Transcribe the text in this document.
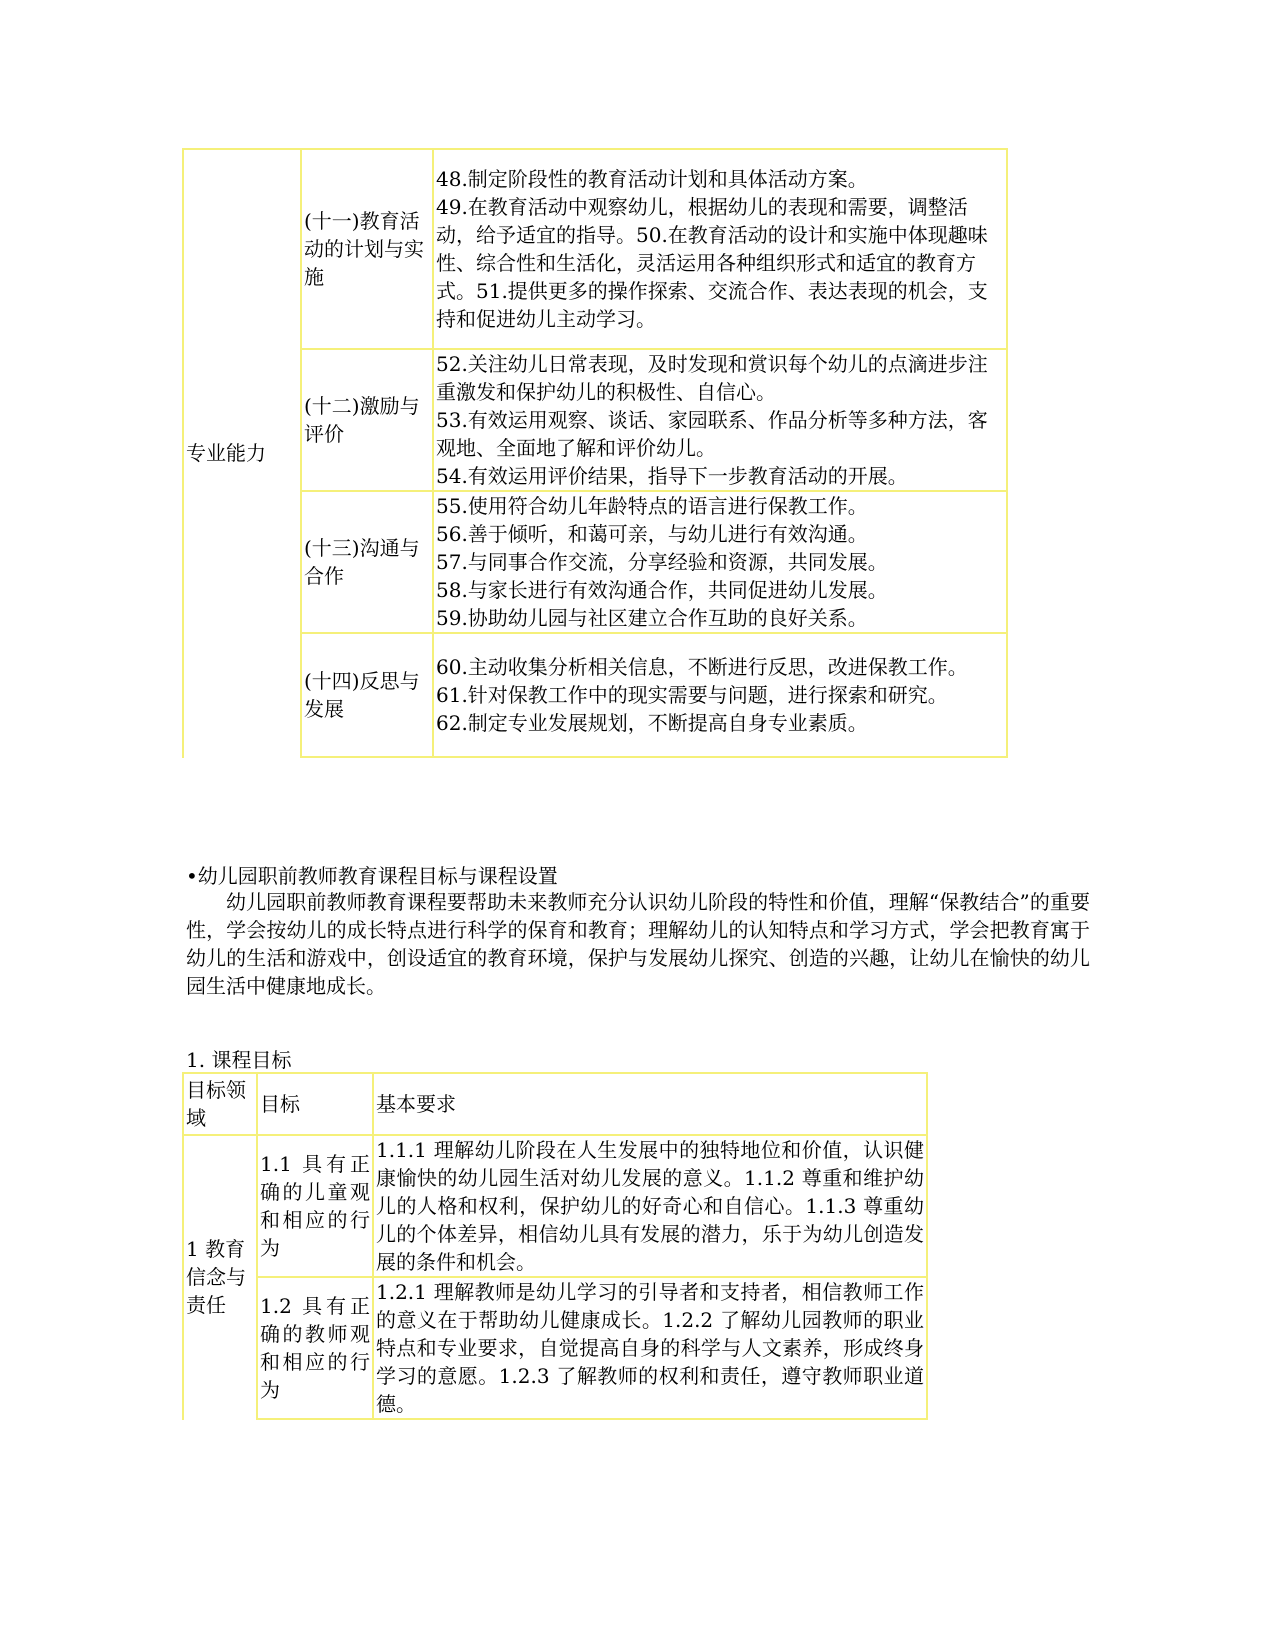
专业能力	(十一)教育活动的计划与实施	48.制定阶段性的教育活动计划和具体活动方案。
49.在教育活动中观察幼儿，根据幼儿的表现和需要，调整活动，给予适宜的指导。50.在教育活动的设计和实施中体现趣味性、综合性和生活化，灵活运用各种组织形式和适宜的教育方式。51.提供更多的操作探索、交流合作、表达表现的机会，支持和促进幼儿主动学习。

	(十二)激励与评价	52.关注幼儿日常表现，及时发现和赏识每个幼儿的点滴进步注重激发和保护幼儿的积极性、自信心。
53.有效运用观察、谈话、家园联系、作品分析等多种方法，客观地、全面地了解和评价幼儿。
54.有效运用评价结果，指导下一步教育活动的开展。

	(十三)沟通与合作	55.使用符合幼儿年龄特点的语言进行保教工作。
56.善于倾听，和蔼可亲，与幼儿进行有效沟通。
57.与同事合作交流，分享经验和资源，共同发展。
58.与家长进行有效沟通合作，共同促进幼儿发展。
59.协助幼儿园与社区建立合作互助的良好关系。

	(十四)反思与发展	60.主动收集分析相关信息，不断进行反思，改进保教工作。
61.针对保教工作中的现实需要与问题，进行探索和研究。
62.制定专业发展规划，不断提高自身专业素质。
•幼儿园职前教师教育课程目标与课程设置
幼儿园职前教师教育课程要帮助未来教师充分认识幼儿阶段的特性和价值，理解“保教结合”的重要性，学会按幼儿的成长特点进行科学的保育和教育；理解幼儿的认知特点和学习方式，学会把教育寓于幼儿的生活和游戏中，创设适宜的教育环境，保护与发展幼儿探究、创造的兴趣，让幼儿在愉快的幼儿园生活中健康地成长。
1. 课程目标
目标领域	目标	基本要求
1 教育信念与责任	1.1 具有正确的儿童观和相应的行为	1.1.1 理解幼儿阶段在人生发展中的独特地位和价值，认识健康愉快的幼儿园生活对幼儿发展的意义。1.1.2 尊重和维护幼儿的人格和权利，保护幼儿的好奇心和自信心。1.1.3 尊重幼儿的个体差异，相信幼儿具有发展的潜力，乐于为幼儿创造发展的条件和机会。
	1.2 具有正确的教师观和相应的行为	1.2.1 理解教师是幼儿学习的引导者和支持者，相信教师工作的意义在于帮助幼儿健康成长。1.2.2 了解幼儿园教师的职业特点和专业要求，自觉提高自身的科学与人文素养，形成终身学习的意愿。1.2.3 了解教师的权利和责任，遵守教师职业道德。
